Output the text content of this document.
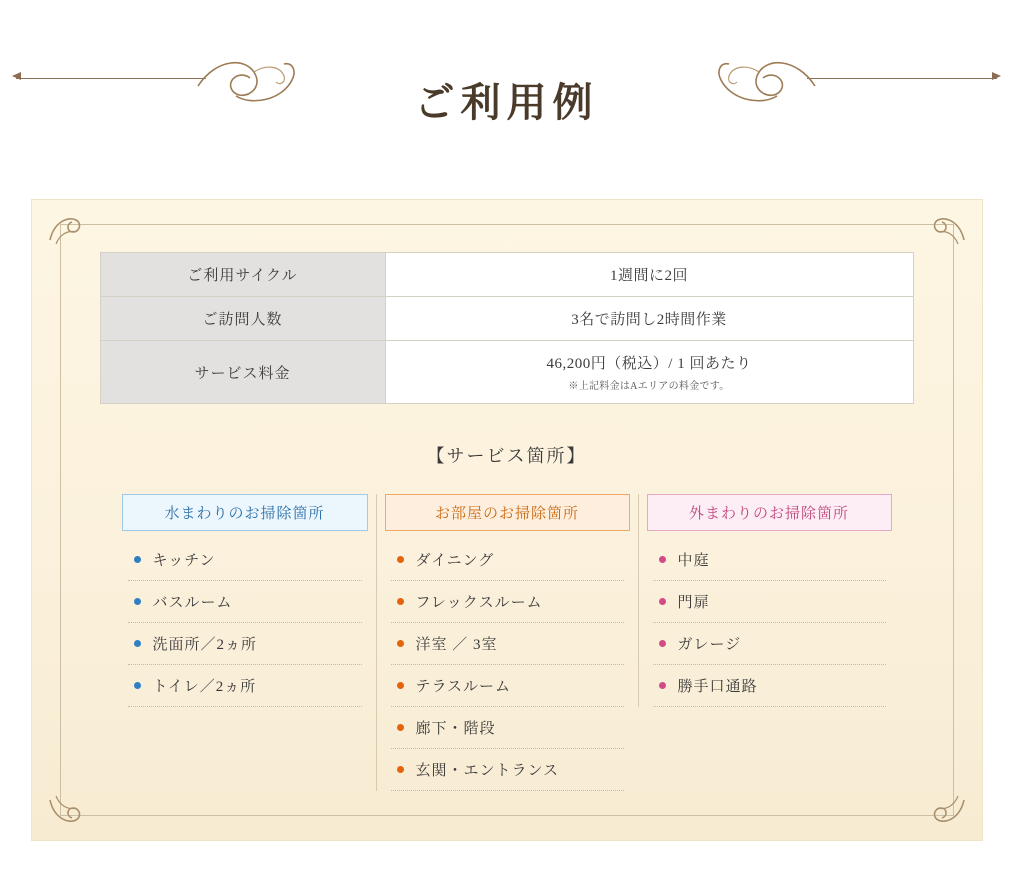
ご利用例
ご利用サイクル	1週間に2回
ご訪問人数	3名で訪問し2時間作業
サービス料金	46,200円（税込）/ 1 回あたり
※上記料金はAエリアの料金です。
【サービス箇所】
水まわりのお掃除箇所
キッチン
バスルーム
洗面所／2ヵ所
トイレ／2ヵ所
お部屋のお掃除箇所
ダイニング
フレックスルーム
洋室 ／ 3室
テラスルーム
廊下・階段
玄関・エントランス
外まわりのお掃除箇所
中庭
門扉
ガレージ
勝手口通路
